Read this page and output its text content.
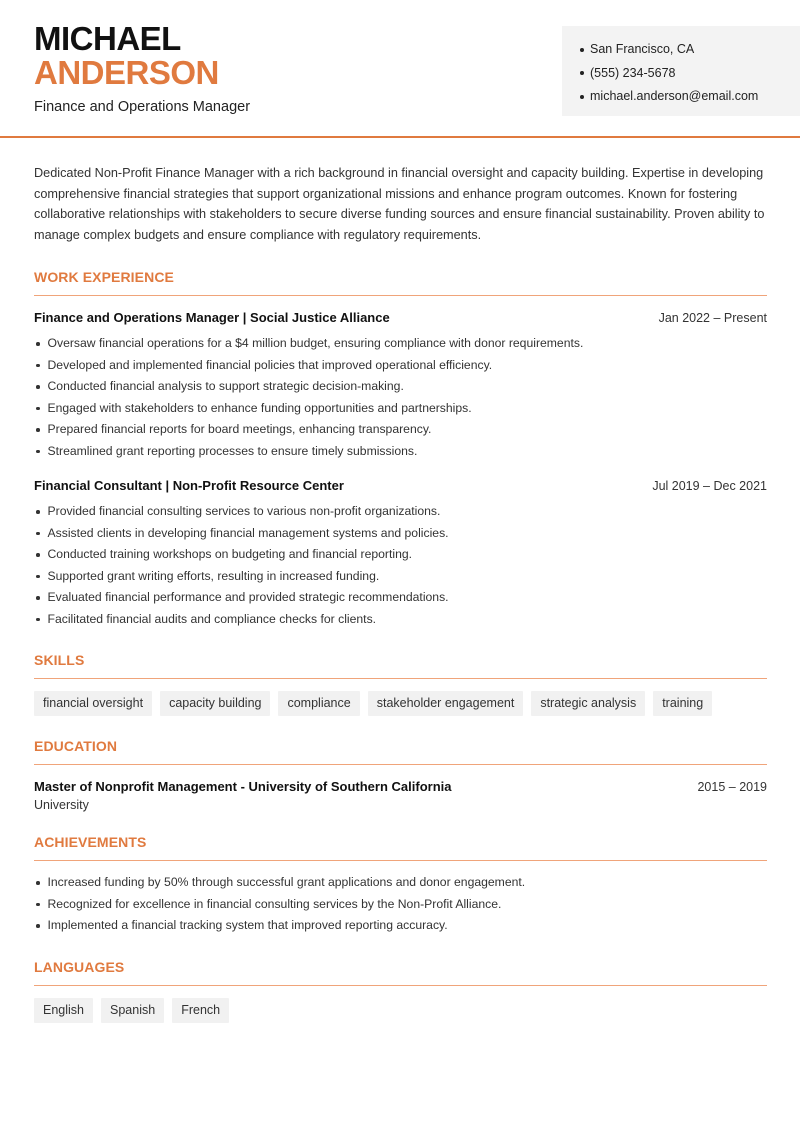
MICHAEL
ANDERSON
Finance and Operations Manager
San Francisco, CA
(555) 234-5678
michael.anderson@email.com

Dedicated Non-Profit Finance Manager with a rich background in financial oversight and capacity building. Expertise in developing comprehensive financial strategies that support organizational missions and enhance program outcomes. Known for fostering collaborative relationships with stakeholders to secure diverse funding sources and ensure financial sustainability. Proven ability to manage complex budgets and ensure compliance with regulatory requirements.

WORK EXPERIENCE
Finance and Operations Manager | Social Justice Alliance	Jan 2022 – Present
Oversaw financial operations for a $4 million budget, ensuring compliance with donor requirements.
Developed and implemented financial policies that improved operational efficiency.
Conducted financial analysis to support strategic decision-making.
Engaged with stakeholders to enhance funding opportunities and partnerships.
Prepared financial reports for board meetings, enhancing transparency.
Streamlined grant reporting processes to ensure timely submissions.
Financial Consultant | Non-Profit Resource Center	Jul 2019 – Dec 2021
Provided financial consulting services to various non-profit organizations.
Assisted clients in developing financial management systems and policies.
Conducted training workshops on budgeting and financial reporting.
Supported grant writing efforts, resulting in increased funding.
Evaluated financial performance and provided strategic recommendations.
Facilitated financial audits and compliance checks for clients.
SKILLS
financial oversight	capacity building	compliance	stakeholder engagement	strategic analysis	training
EDUCATION
Master of Nonprofit Management - University of Southern California	2015 – 2019
University
ACHIEVEMENTS
Increased funding by 50% through successful grant applications and donor engagement.
Recognized for excellence in financial consulting services by the Non-Profit Alliance.
Implemented a financial tracking system that improved reporting accuracy.
LANGUAGES
English	Spanish	French
